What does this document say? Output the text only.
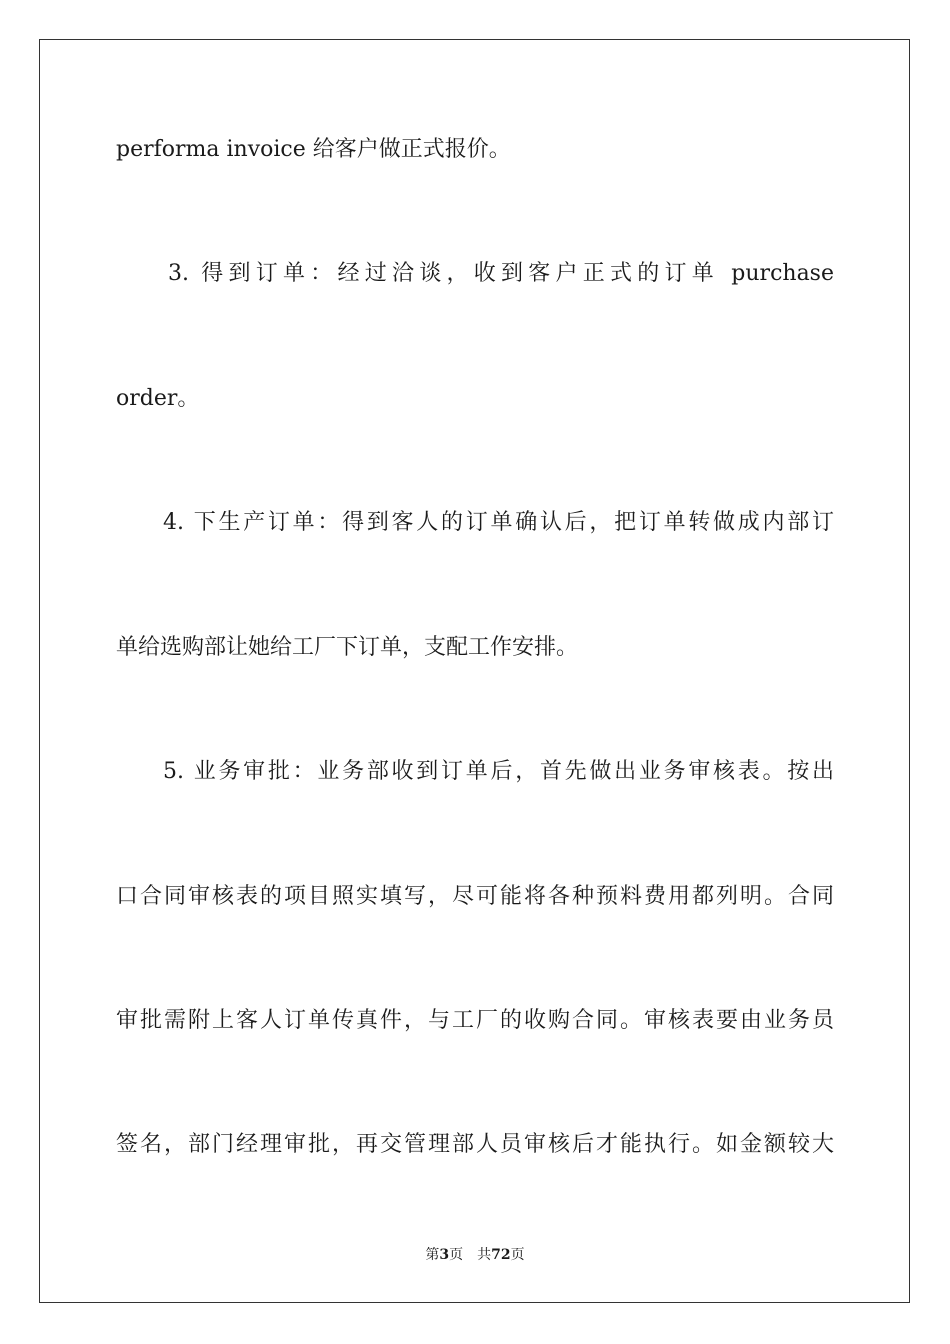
performa invoice 给客户做正式报价。
3. 得到订单：经过洽谈，收到客户正式的订单 purchase
order。
4. 下生产订单：得到客人的订单确认后，把订单转做成内部订
单给选购部让她给工厂下订单，支配工作安排。
5. 业务审批：业务部收到订单后，首先做出业务审核表。按出
口合同审核表的项目照实填写，尽可能将各种预料费用都列明。合同
审批需附上客人订单传真件，与工厂的收购合同。审核表要由业务员
签名，部门经理审批，再交管理部人员审核后才能执行。如金额较大
第3页 共72页
